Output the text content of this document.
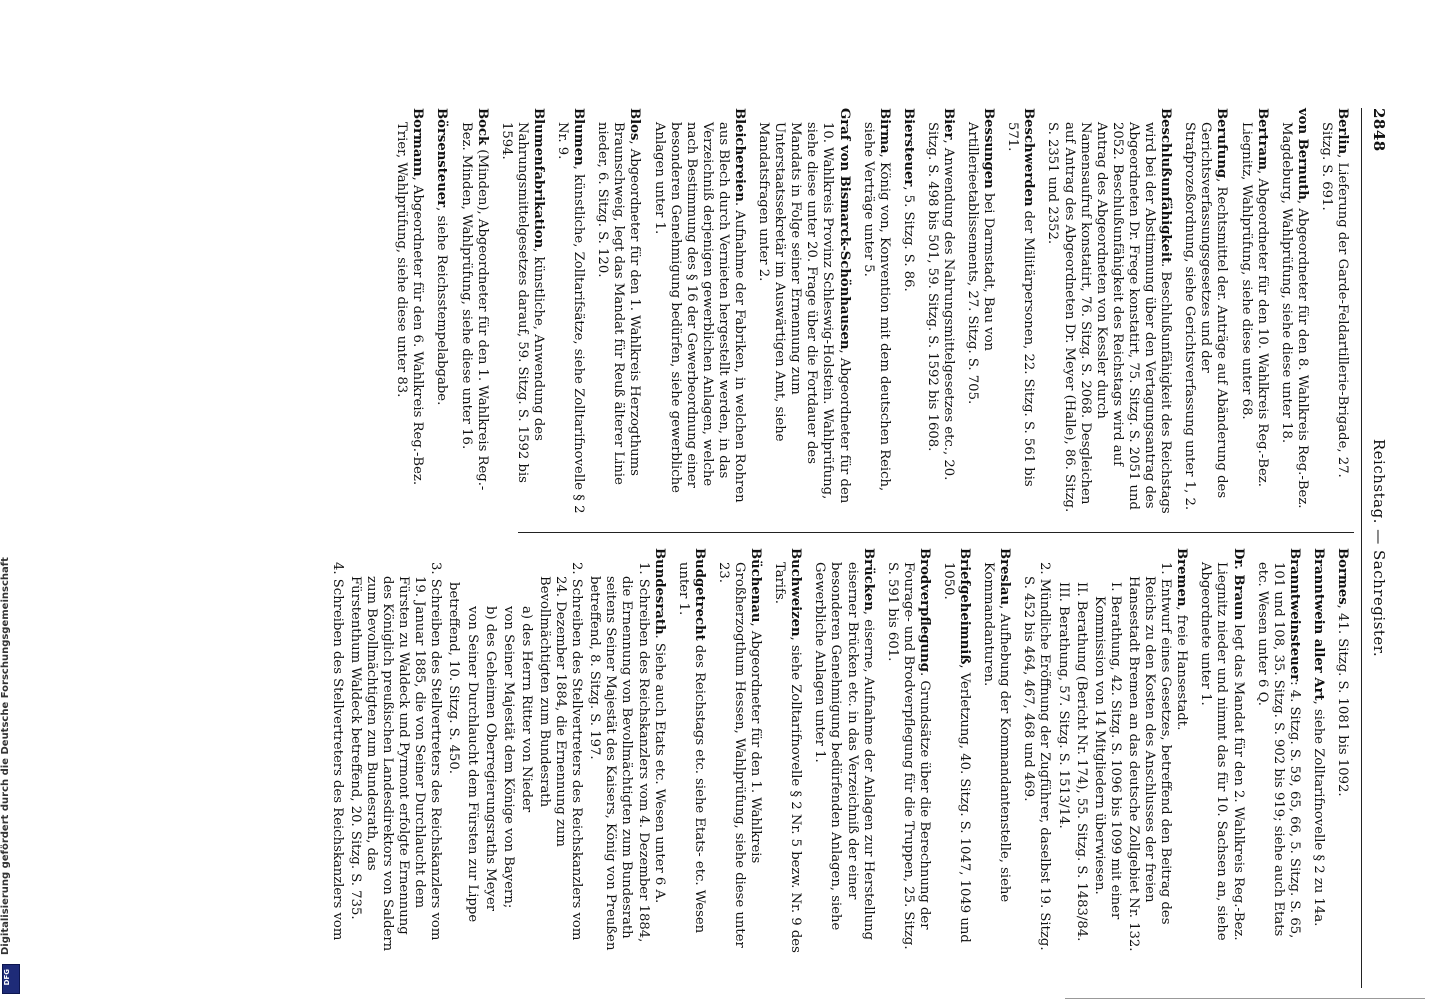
Digitalisierung gefördert durch die Deutsche Forschungsgemeinschaft
DFG
2848
Reichstag. — Sachregister.
Berlin, Lieferung der Garde-Feldartillerie-Brigade, 27. Sitzg. S. 691.
von Bernuth, Abgeordneter für den 8. Wahlkreis Reg.-Bez. Magdeburg, Wahlprüfung, siehe diese unter 18.
Bertram, Abgeordneter für den 10. Wahlkreis Reg.-Bez. Liegnitz, Wahlprüfung, siehe diese unter 68.
Berufung, Rechtsmittel der. Anträge auf Abänderung des Gerichtsverfassungsgesetzes und der Strafprozeßordnung, siehe Gerichtsverfassung unter 1, 2.
Beschlußunfähigkeit. Beschlußunfähigkeit des Reichstags wird bei der Abstimmung über den Vertagungsantrag des Abgeordneten Dr. Frege konstatirt, 75. Sitzg. S. 2051 und 2052. Beschlußunfähigkeit des Reichstags wird auf Antrag des Abgeordneten von Kessler durch Namensaufruf konstatirt, 76. Sitzg. S. 2068. Desgleichen auf Antrag des Abgeordneten Dr. Meyer (Halle), 86. Sitzg. S. 2351 und 2352.
Beschwerden der Militärpersonen, 22. Sitzg. S. 561 bis 571.
Bessungen bei Darmstadt, Bau von Artillerieetablissements, 27. Sitzg. S. 705.
Bier, Anwendung des Nahrungsmittelgesetzes etc., 20. Sitzg. S. 498 bis 501, 59. Sitzg. S. 1592 bis 1608.
Biersteuer, 5. Sitzg. S. 86.
Birma, König von, Konvention mit dem deutschen Reich, siehe Verträge unter 5.
Graf von Bismarck-Schönhausen, Abgeordneter für den 10. Wahlkreis Provinz Schleswig-Holstein. Wahlprüfung, siehe diese unter 20. Frage über die Fortdauer des Mandats in Folge seiner Ernennung zum Unterstaatssekretär im Auswärtigen Amt, siehe Mandatsfragen unter 2.
Bleichereien. Aufnahme der Fabriken, in welchen Rohren aus Blech durch Vernieten hergestellt werden, in das Verzeichniß derjenigen gewerblichen Anlagen, welche nach Bestimmung des § 16 der Gewerbeordnung einer besonderen Genehmigung bedürfen, siehe gewerbliche Anlagen unter 1.
Blos, Abgeordneter für den 1. Wahlkreis Herzogthums Braunschweig, legt das Mandat für Reuß älterer Linie nieder, 6. Sitzg. S. 120.
Blumen, künstliche, Zolltarifsätze, siehe Zolltarifnovelle § 2 Nr. 9.
Blumenfabrikation, künstliche, Anwendung des Nahrungsmittelgesetzes darauf, 59. Sitzg. S. 1592 bis 1594.
Bock (Minden), Abgeordneter für den 1. Wahlkreis Reg.-Bez. Minden, Wahlprüfung, siehe diese unter 16.
Börsensteuer, siehe Reichsstempelabgabe.
Bormann, Abgeordneter für den 6. Wahlkreis Reg.-Bez. Trier, Wahlprüfung, siehe diese unter 83.
Bormes, 41. Sitzg. S. 1081 bis 1092.
Branntwein aller Art, siehe Zolltarifnovelle § 2 zu 14a.
Branntweinsteuer: 4. Sitzg. S. 59, 65, 66, 5. Sitzg. S. 65, 101 und 108, 35. Sitzg. S. 902 bis 919; siehe auch Etats etc. Wesen unter 6 Q.
Dr. Braun legt das Mandat für den 2. Wahlkreis Reg.-Bez. Liegnitz nieder und nimmt das für 10. Sachsen an, siehe Abgeordnete unter 1.
Bremen, freie Hansestadt.
1. Entwurf eines Gesetzes, betreffend den Beitrag des Reichs zu den Kosten des Anschlusses der freien Hansestadt Bremen an das deutsche Zollgebiet Nr. 132.
I. Berathung, 42. Sitzg. S. 1096 bis 1099 mit einer Kommission von 14 Mitgliedern überwiesen.
II. Berathung (Bericht Nr. 174), 55. Sitzg. S. 1483/84.
III. Berathung, 57. Sitzg. S. 1513/14.
2. Mündliche Eröffnung der Zugführer, daselbst 19. Sitzg. S. 452 bis 464, 467, 468 und 469.
Breslau, Aufhebung der Kommandantenstelle, siehe Kommandanturen.
Briefgeheimniß, Verletzung, 40. Sitzg. S. 1047, 1049 und 1050.
Brodverpflegung. Grundsätze über die Berechnung der Fourage- und Brodverpflegung für die Truppen, 25. Sitzg. S. 591 bis 601.
Brücken, eiserne, Aufnahme der Anlagen zur Herstellung eiserner Brücken etc. in das Verzeichniß der einer besonderen Genehmigung bedürfenden Anlagen, siehe Gewerbliche Anlagen unter 1.
Buchweizen, siehe Zolltarifnovelle § 2 Nr. 5 bezw. Nr. 9 des Tarifs.
Büchenau, Abgeordneter für den 1. Wahlkreis Großherzogthum Hessen, Wahlprüfung, siehe diese unter 23.
Budgetrecht des Reichstags etc. siehe Etats- etc. Wesen unter 1.
Bundesrath. Siehe auch Etats etc. Wesen unter 6 A.
1. Schreiben des Reichskanzlers vom 4. Dezember 1884, die Ernennung von Bevollmächtigten zum Bundesrath seitens Seiner Majestät des Kaisers, König von Preußen betreffend, 8. Sitzg. S. 197.
2. Schreiben des Stellvertreters des Reichskanzlers vom 24. Dezember 1884, die Ernennung zum Bevollmächtigten zum Bundesrath
a) des Herrn Ritter von Nieder
von Seiner Majestät dem Könige von Bayern;
b) des Geheimen Oberregierungsraths Meyer
von Seiner Durchlaucht dem Fürsten zur Lippe
betreffend, 10. Sitzg. S. 450.
3. Schreiben des Stellvertreters des Reichskanzlers vom 19. Januar 1885, die von Seiner Durchlaucht dem Fürsten zu Waldeck und Pyrmont erfolgte Ernennung des Königlich preußischen Landesdirektors von Saldern zum Bevollmächtigten zum Bundesrath, das Fürstenthum Waldeck betreffend, 20. Sitzg. S. 735.
4. Schreiben des Stellvertreters des Reichskanzlers vom
